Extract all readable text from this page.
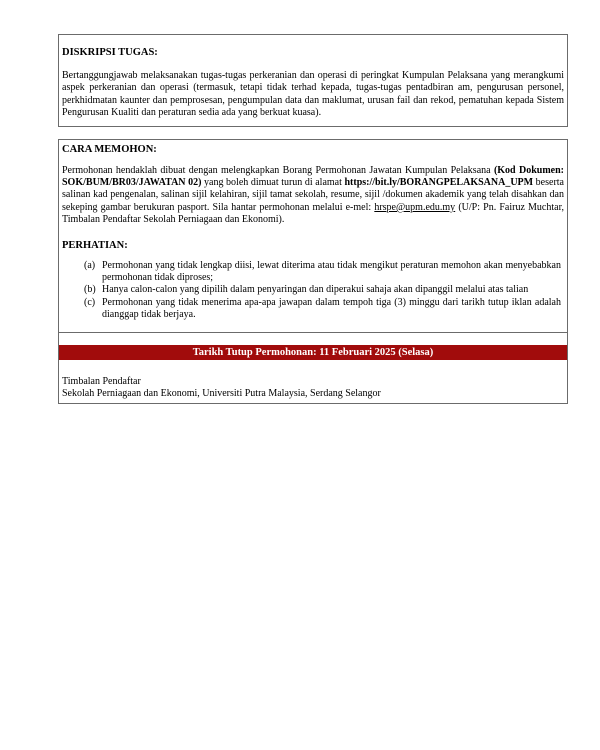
DISKRIPSI TUGAS:

Bertanggungjawab melaksanakan tugas-tugas perkeranian dan operasi di peringkat Kumpulan Pelaksana yang merangkumi aspek perkeranian dan operasi (termasuk, tetapi tidak terhad kepada, tugas-tugas pentadbiran am, pengurusan personel, perkhidmatan kaunter dan pemprosesan, pengumpulan data dan maklumat, urusan fail dan rekod, pematuhan kepada Sistem Pengurusan Kualiti dan peraturan sedia ada yang berkuat kuasa).

CARA MEMOHON:

Permohonan hendaklah dibuat dengan melengkapkan Borang Permohonan Jawatan Kumpulan Pelaksana (Kod Dokumen: SOK/BUM/BR03/JAWATAN 02) yang boleh dimuat turun di alamat https://bit.ly/BORANGPELAKSANA_UPM beserta salinan kad pengenalan, salinan sijil kelahiran, sijil tamat sekolah, resume, sijil /dokumen akademik yang telah disahkan dan sekeping gambar berukuran pasport. Sila hantar permohonan melalui e-mel: hrspe@upm.edu.my (U/P: Pn. Fairuz Muchtar, Timbalan Pendaftar Sekolah Perniagaan dan Ekonomi).

PERHATIAN:

(a) Permohonan yang tidak lengkap diisi, lewat diterima atau tidak mengikut peraturan memohon akan menyebabkan permohonan tidak diproses;
(b) Hanya calon-calon yang dipilih dalam penyaringan dan diperakui sahaja akan dipanggil melalui atas talian
(c) Permohonan yang tidak menerima apa-apa jawapan dalam tempoh tiga (3) minggu dari tarikh tutup iklan adalah dianggap tidak berjaya.
Tarikh Tutup Permohonan: 11 Februari 2025 (Selasa)
Timbalan Pendaftar
Sekolah Perniagaan dan Ekonomi, Universiti Putra Malaysia, Serdang Selangor
